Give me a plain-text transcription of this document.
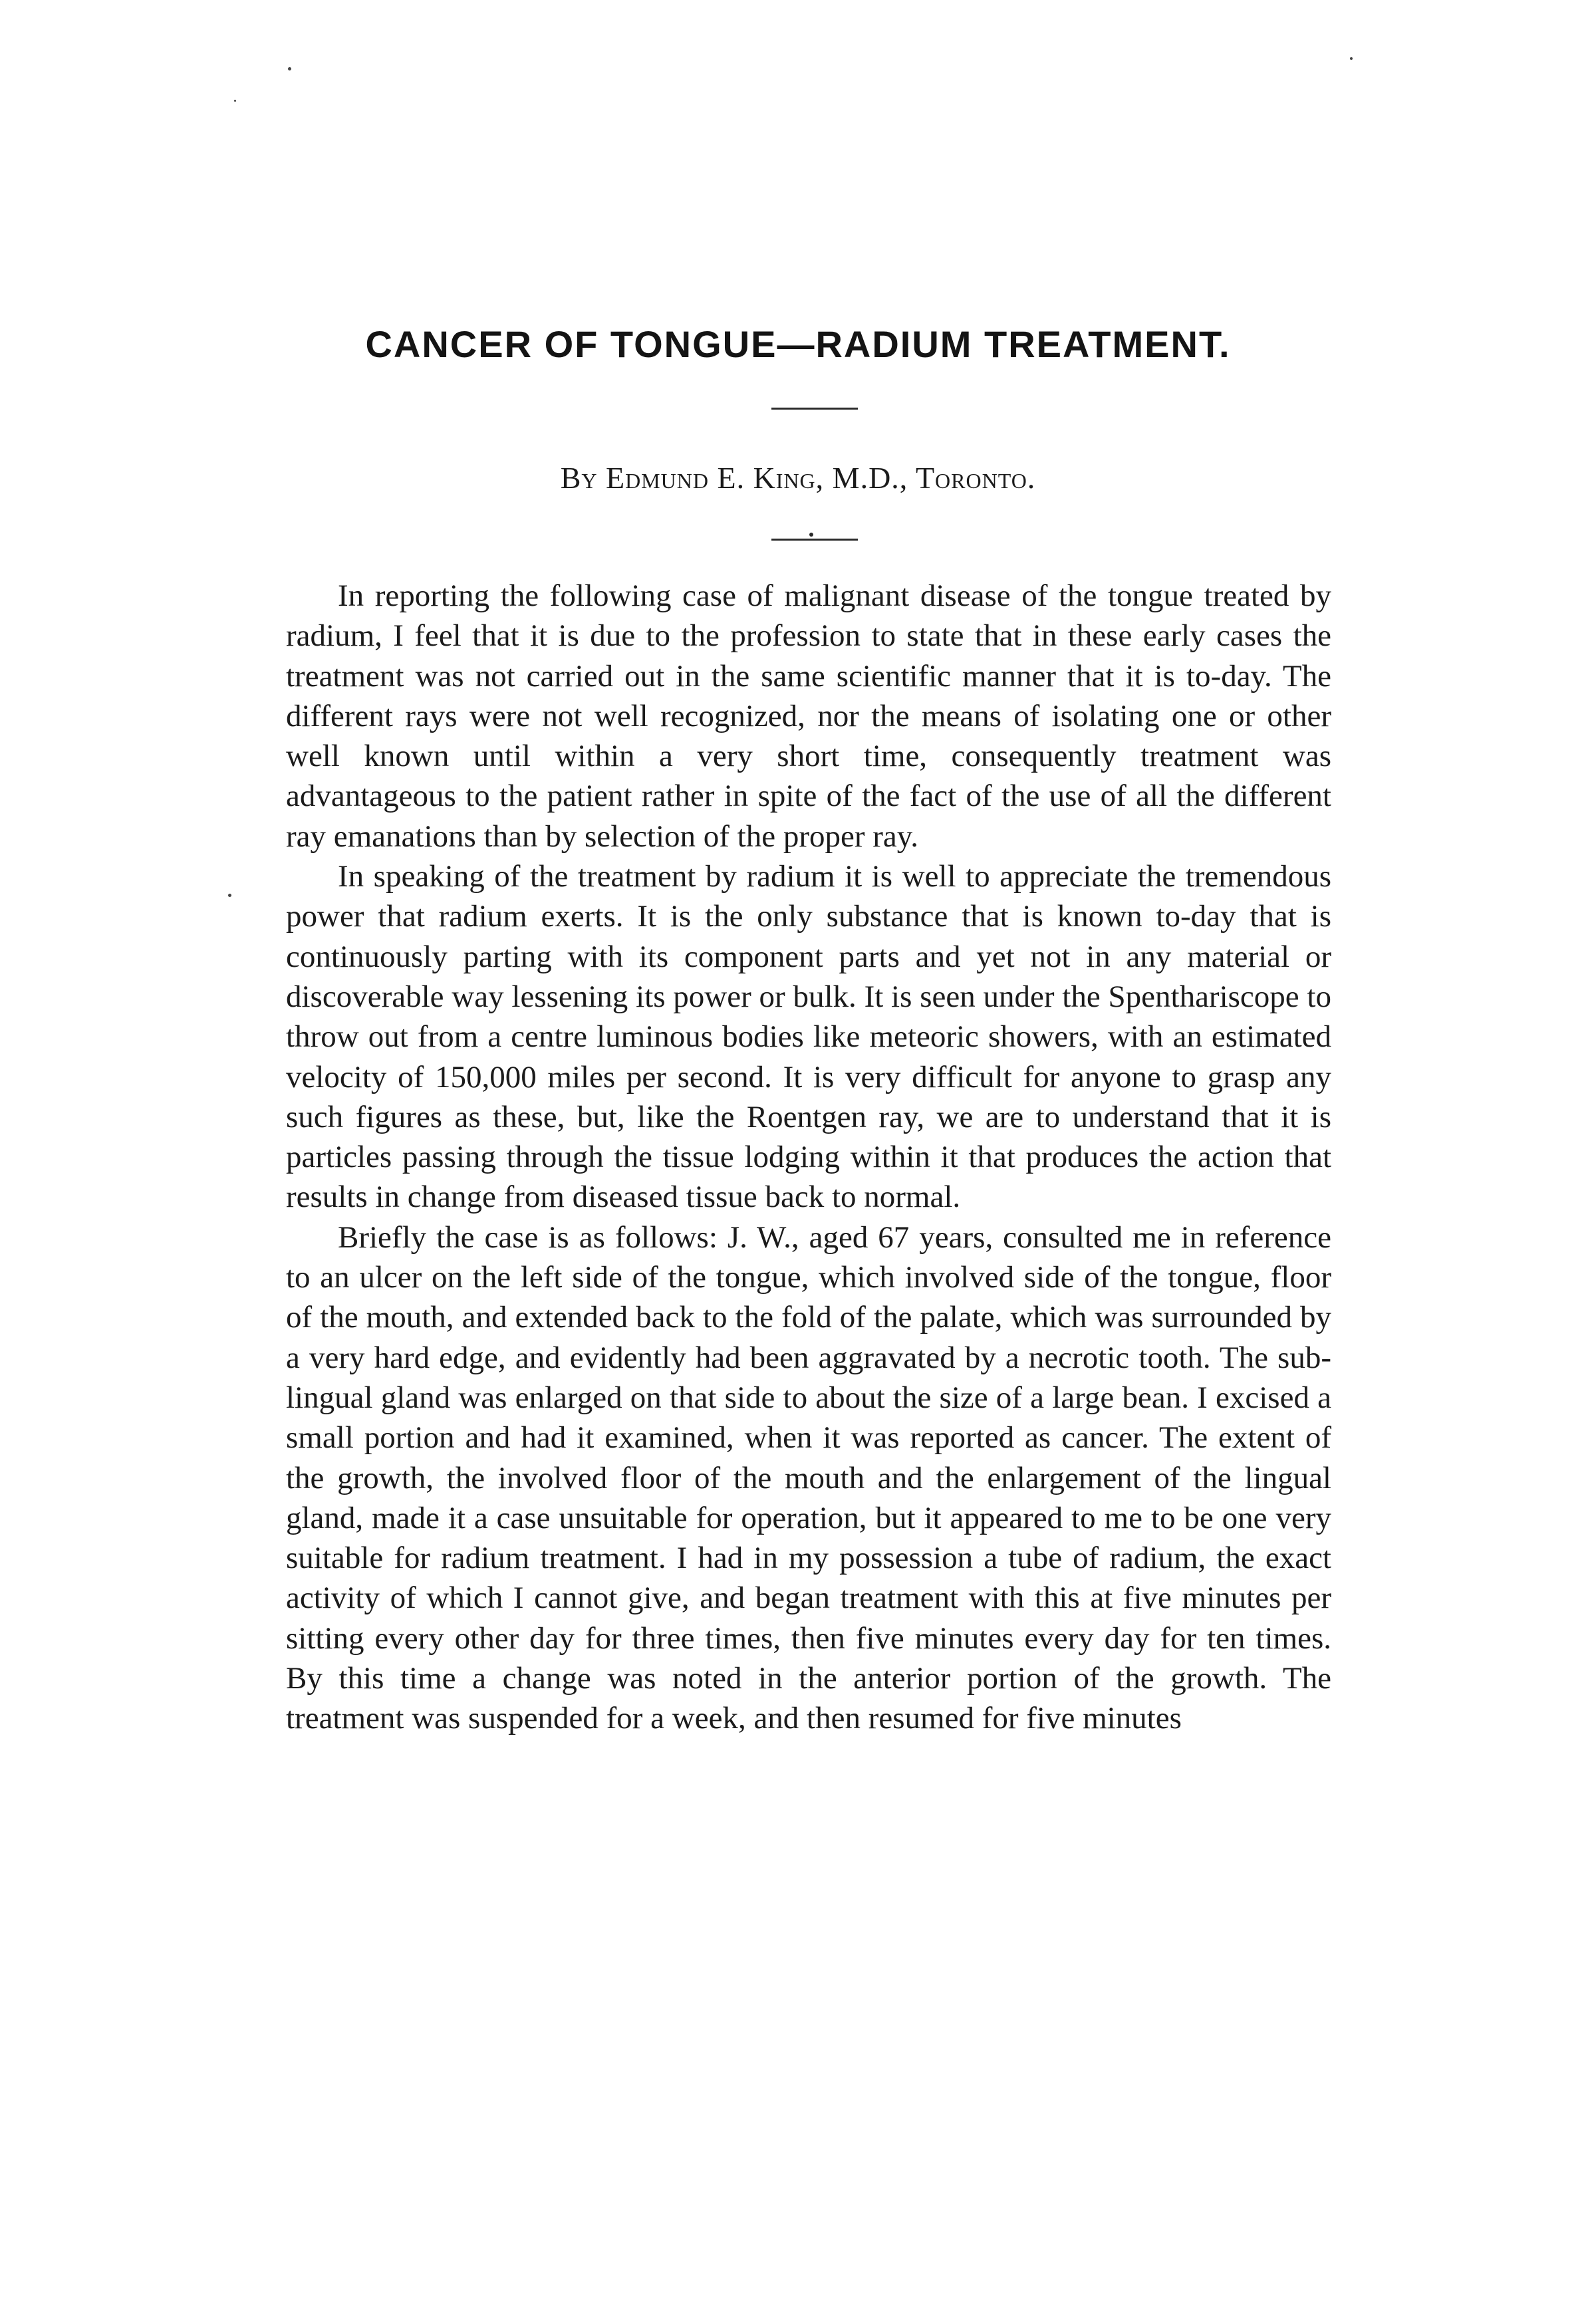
CANCER OF TONGUE—RADIUM TREATMENT.
By Edmund E. King, M.D., Toronto.

In reporting the following case of malignant disease of the tongue treated by radium, I feel that it is due to the profession to state that in these early cases the treatment was not carried out in the same scientific manner that it is to-day. The different rays were not well recognized, nor the means of isolating one or other well known until within a very short time, consequently treatment was advantageous to the patient rather in spite of the fact of the use of all the different ray emanations than by selection of the proper ray.

In speaking of the treatment by radium it is well to appreciate the tremendous power that radium exerts. It is the only substance that is known to-day that is continuously parting with its component parts and yet not in any material or discoverable way lessening its power or bulk. It is seen under the Spenthariscope to throw out from a centre luminous bodies like meteoric showers, with an estimated velocity of 150,000 miles per second. It is very difficult for anyone to grasp any such figures as these, but, like the Roentgen ray, we are to understand that it is particles passing through the tissue lodging within it that produces the action that results in change from diseased tissue back to normal.

Briefly the case is as follows: J. W., aged 67 years, consulted me in reference to an ulcer on the left side of the tongue, which involved side of the tongue, floor of the mouth, and extended back to the fold of the palate, which was surrounded by a very hard edge, and evidently had been aggravated by a necrotic tooth. The sub-lingual gland was enlarged on that side to about the size of a large bean. I excised a small portion and had it examined, when it was reported as cancer. The extent of the growth, the involved floor of the mouth and the enlargement of the lingual gland, made it a case unsuitable for operation, but it appeared to me to be one very suitable for radium treatment. I had in my possession a tube of radium, the exact activity of which I cannot give, and began treatment with this at five minutes per sitting every other day for three times, then five minutes every day for ten times. By this time a change was noted in the anterior portion of the growth. The treatment was suspended for a week, and then resumed for five minutes
